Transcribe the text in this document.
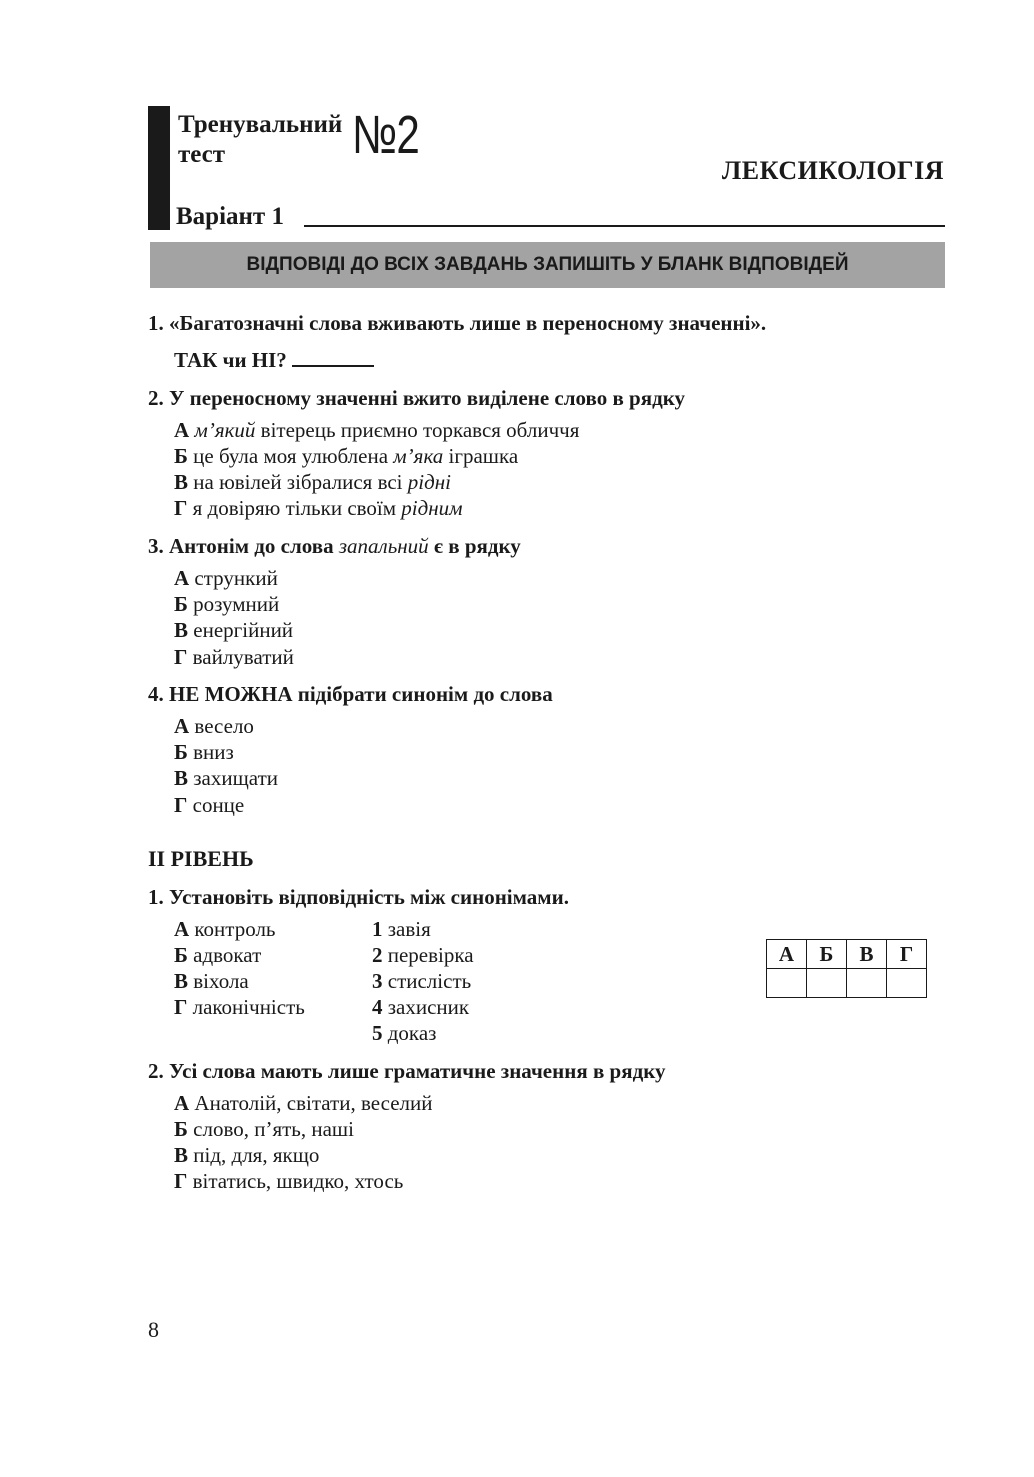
Тренувальний
тест	№2
ЛЕКСИКОЛОГІЯ
Варіант 1
ВІДПОВІДІ ДО ВСІХ ЗАВДАНЬ ЗАПИШІТЬ У БЛАНК ВІДПОВІДЕЙ
1. «Багатозначні слова вживають лише в переносному значенні».
ТАК чи НІ?
2. У переносному значенні вжито виділене слово в рядку
А м’який вітерець приємно торкався обличчя
Б це була моя улюблена м’яка іграшка
В на ювілей зібралися всі рідні
Г я довіряю тільки своїм рідним
3. Антонім до слова запальний є в рядку
А стрункий
Б розумний
В енергійний
Г вайлуватий
4. НЕ МОЖНА підібрати синонім до слова
А весело
Б вниз
В захищати
Г сонце
ІІ РІВЕНЬ
1. Установіть відповідність між синонімами.
А контроль
Б адвокат
В віхола
Г лаконічність
1 завія
2 перевірка
3 стислість
4 захисник
5 доказ
А	Б	В	Г

2. Усі слова мають лише граматичне значення в рядку
А Анатолій, світати, веселий
Б слово, п’ять, наші
В під, для, якщо
Г вітатись, швидко, хтось
8
